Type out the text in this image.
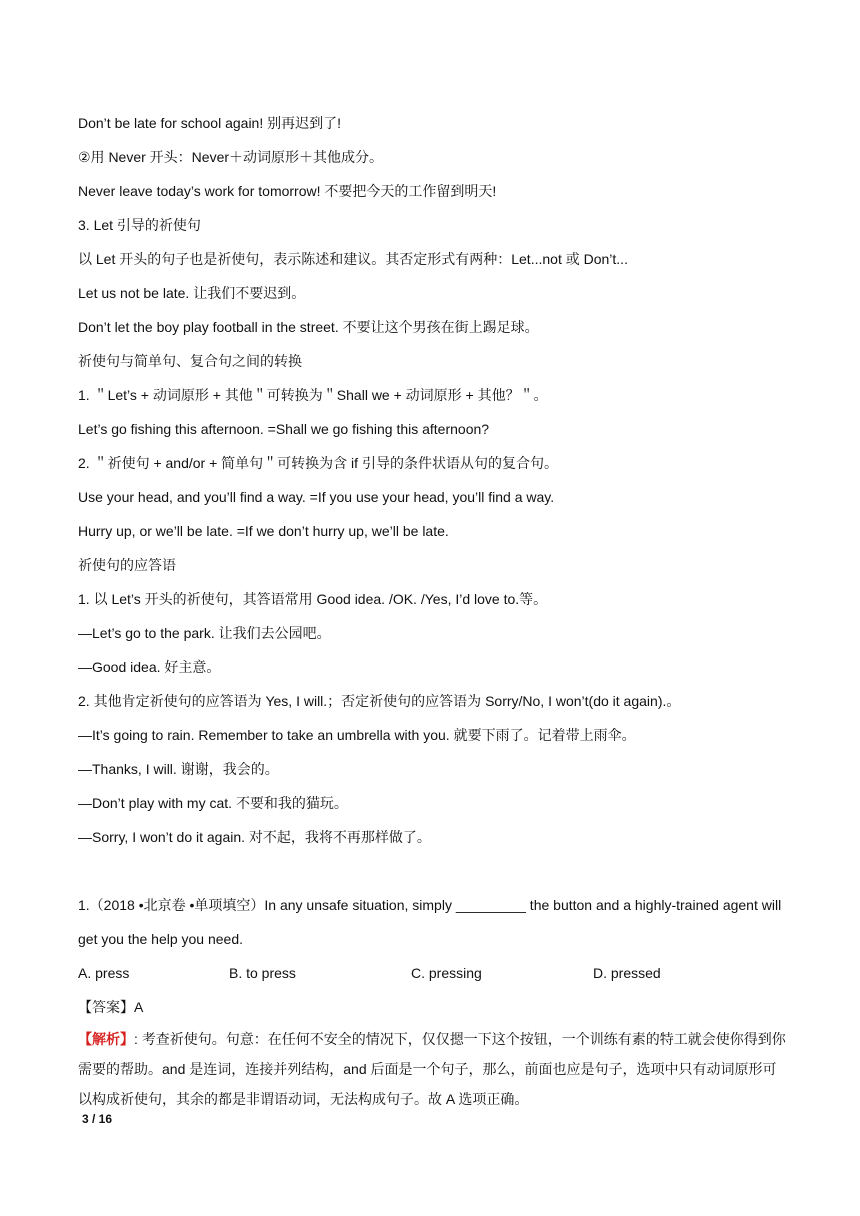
Don’t be late for school again! 别再迟到了!

②用 Never 开头：Never＋动词原形＋其他成分。

Never leave today’s work for tomorrow! 不要把今天的工作留到明天!

3. Let 引导的祈使句

以 Let 开头的句子也是祈使句，表示陈述和建议。其否定形式有两种：Let...not 或 Don’t...

Let us not be late. 让我们不要迟到。

Don’t let the boy play football in the street. 不要让这个男孩在街上踢足球。

祈使句与简单句、复合句之间的转换

1. ＂Let’s + 动词原形 + 其他＂可转换为＂Shall we + 动词原形 + 其他？＂。

Let’s go fishing this afternoon. =Shall we go fishing this afternoon?

2. ＂祈使句 + and/or + 简单句＂可转换为含 if 引导的条件状语从句的复合句。

Use your head, and you’ll find a way. =If you use your head, you’ll find a way.

Hurry up, or we’ll be late. =If we don’t hurry up, we’ll be late.

祈使句的应答语

1. 以 Let’s 开头的祈使句，其答语常用 Good idea. /OK. /Yes, I’d love to.等。

—Let’s go to the park. 让我们去公园吧。

—Good idea. 好主意。

2. 其他肯定祈使句的应答语为 Yes, I will.；否定祈使句的应答语为 Sorry/No, I won’t(do it again).。

—It’s going to rain. Remember to take an umbrella with you. 就要下雨了。记着带上雨伞。

—Thanks, I will. 谢谢，我会的。

—Don’t play with my cat. 不要和我的猫玩。

—Sorry, I won’t do it again. 对不起，我将不再那样做了。

1.（2018 •北京卷 •单项填空）In any unsafe situation, simply _________ the button and a highly-trained agent will get you the help you need.

A. press	B. to press	C. pressing	D. pressed

【答案】A

【解析】: 考查祈使句。句意：在任何不安全的情况下，仅仅摁一下这个按钮，一个训练有素的特工就会使你得到你需要的帮助。and 是连词，连接并列结构，and 后面是一个句子，那么，前面也应是句子，选项中只有动词原形可以构成祈使句，其余的都是非谓语动词，无法构成句子。故 A 选项正确。

3 / 16
